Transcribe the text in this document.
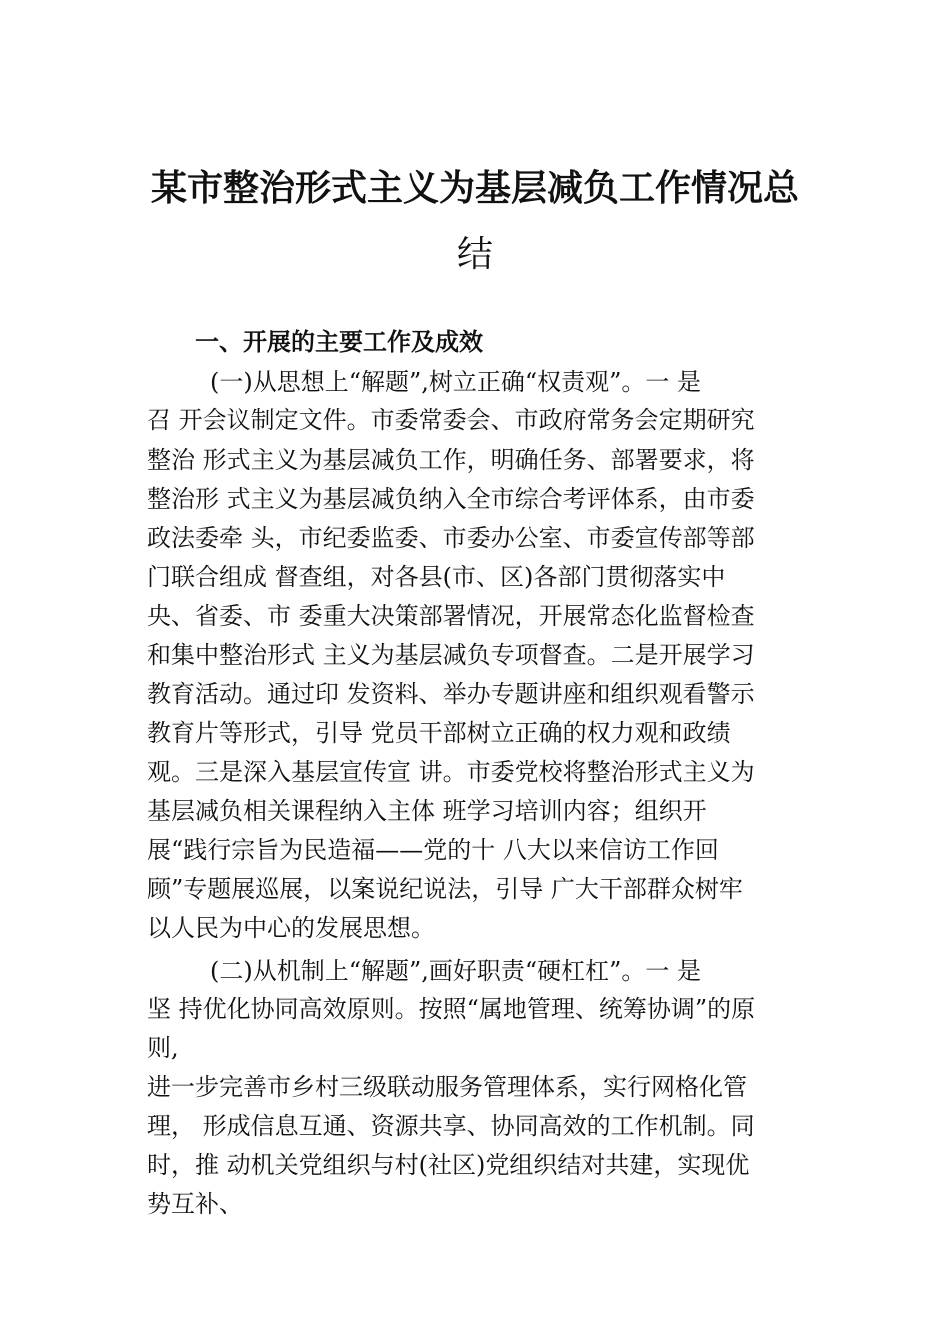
某市整治形式主义为基层减负工作情况总
结
一、开展的主要工作及成效
(一)从思想上“解题”,树立正确“权责观”。一 是
召 开会议制定文件。市委常委会、市政府常务会定期研究
整治 形式主义为基层减负工作，明确任务、部署要求，将
整治形 式主义为基层减负纳入全市综合考评体系，由市委
政法委牵 头，市纪委监委、市委办公室、市委宣传部等部
门联合组成 督查组，对各县(市、区)各部门贯彻落实中
央、省委、市 委重大决策部署情况，开展常态化监督检查
和集中整治形式 主义为基层减负专项督查。二是开展学习
教育活动。通过印 发资料、举办专题讲座和组织观看警示
教育片等形式，引导 党员干部树立正确的权力观和政绩
观。三是深入基层宣传宣 讲。市委党校将整治形式主义为
基层减负相关课程纳入主体 班学习培训内容；组织开
展“践行宗旨为民造福——党的十 八大以来信访工作回
顾”专题展巡展，以案说纪说法，引导 广大干部群众树牢
以人民为中心的发展思想。
(二)从机制上“解题”,画好职责“硬杠杠”。一 是
坚 持优化协同高效原则。按照“属地管理、统筹协调”的原
则,
进一步完善市乡村三级联动服务管理体系，实行网格化管
理， 形成信息互通、资源共享、协同高效的工作机制。同
时，推 动机关党组织与村(社区)党组织结对共建，实现优
势互补、
